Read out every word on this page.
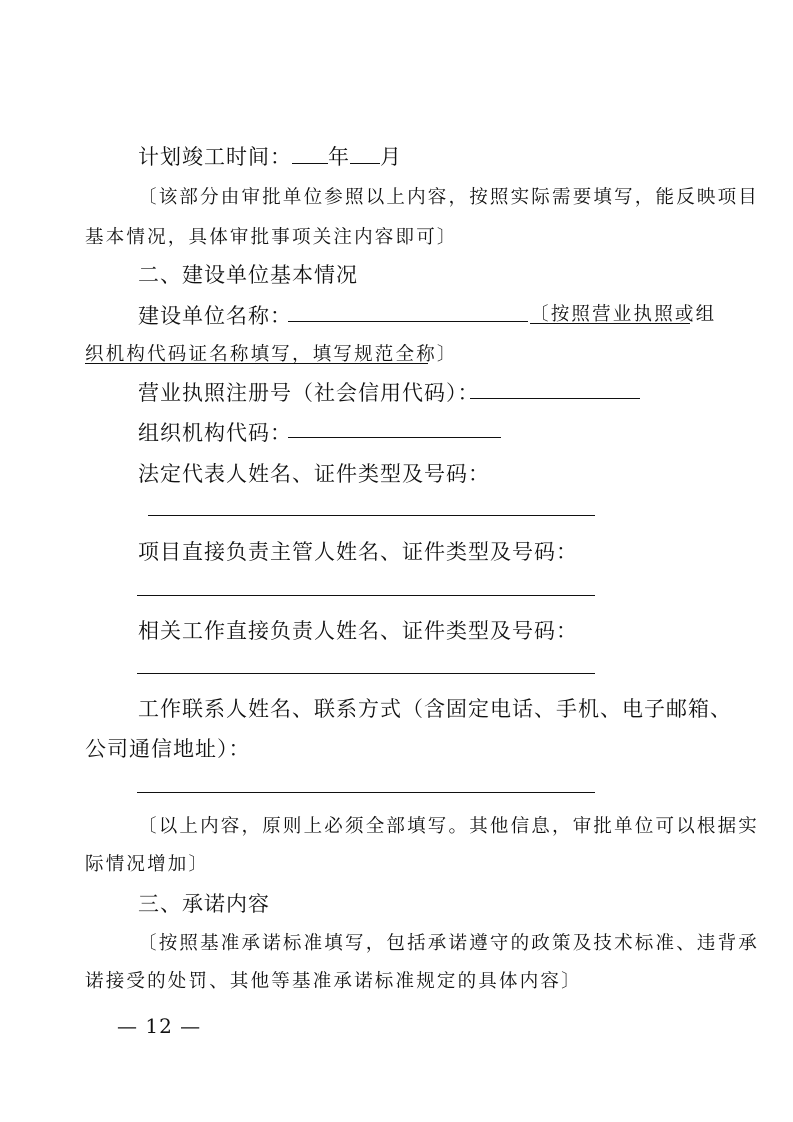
计划竣工时间： 年 月
〔该部分由审批单位参照以上内容，按照实际需要填写，能反映项目
基本情况，具体审批事项关注内容即可〕
二、建设单位基本情况
建设单位名称：	〔按照营业执照或组
织机构代码证名称填写，填写规范全称〕
营业执照注册号（社会信用代码）：
组织机构代码：
法定代表人姓名、证件类型及号码：
项目直接负责主管人姓名、证件类型及号码：
相关工作直接负责人姓名、证件类型及号码：
工作联系人姓名、联系方式（含固定电话、手机、电子邮箱、
公司通信地址）：
〔以上内容，原则上必须全部填写。其他信息，审批单位可以根据实
际情况增加〕
三、承诺内容
〔按照基准承诺标准填写，包括承诺遵守的政策及技术标准、违背承
诺接受的处罚、其他等基准承诺标准规定的具体内容〕
— 12 —
